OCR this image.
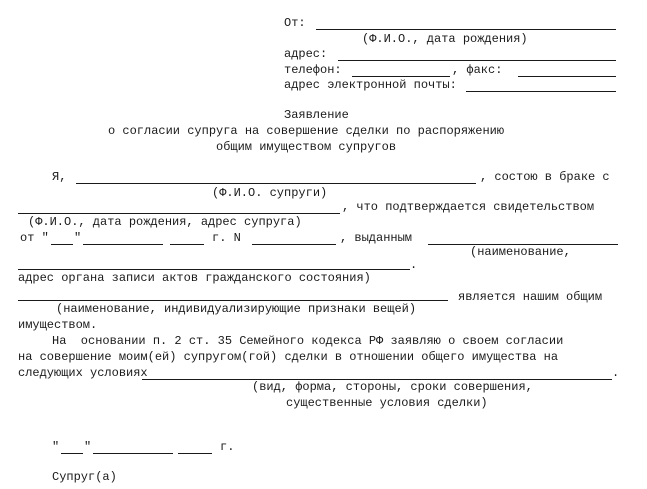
От:
(Ф.И.О., дата рождения)
адрес:
телефон:	, факс:
адрес электронной почты:
Заявление
о согласии супруга на совершение сделки по распоряжению
общим имуществом супругов
Я,	, состою в браке с
(Ф.И.О. супруги)
, что подтверждается свидетельством
(Ф.И.О., дата рождения, адрес супруга)
от " "	г. N	, выданным
(наименование,
.
адрес органа записи актов гражданского состояния)
является нашим общим
(наименование, индивидуализирующие признаки вещей)
имуществом.
На  основании п. 2 ст. 35 Семейного кодекса РФ заявляю о своем согласии
на совершение моим(ей) супругом(гой) сделки в отношении общего имущества на
следующих условиях	.
(вид, форма, стороны, сроки совершения,
существенные условия сделки)
" "	г.
Супруг(а)
